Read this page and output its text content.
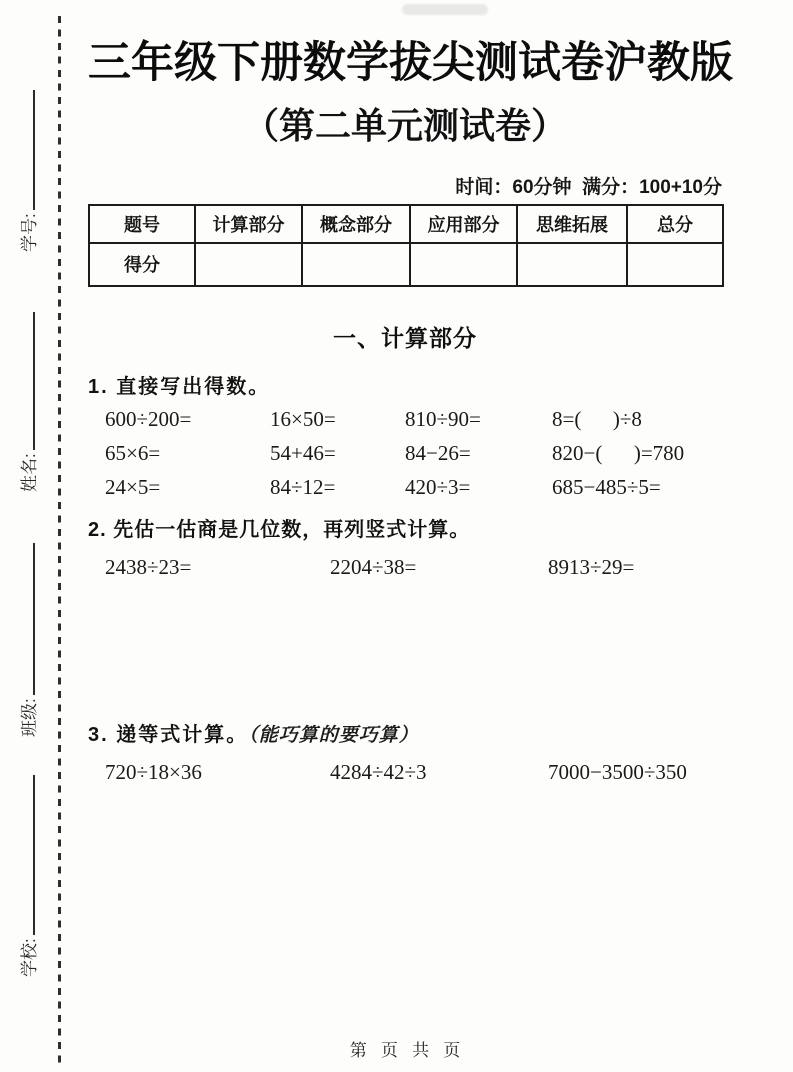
学号:
姓名:
班级:
学校:
三年级下册数学拔尖测试卷沪教版
（第二单元测试卷）
时间：60分钟  满分：100+10分
题号	计算部分	概念部分	应用部分	思维拓展	总分
得分					
一、计算部分
1. 直接写出得数。
600÷200=	16×50=	810÷90=	8=(      )÷8
65×6=	54+46=	84−26=	820−(      )=780
24×5=	84÷12=	420÷3=	685−485÷5=
2. 先估一估商是几位数，再列竖式计算。
2438÷23=	2204÷38=	8913÷29=
3. 递等式计算。（能巧算的要巧算）
720÷18×36	4284÷42÷3	7000−3500÷350
第   页   共   页
